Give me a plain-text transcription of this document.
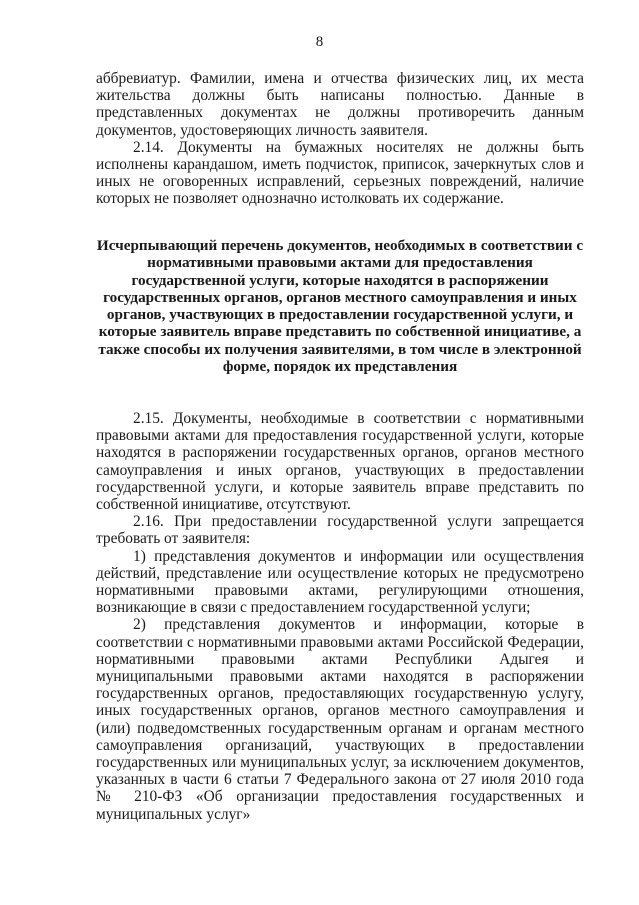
8

аббревиатур. Фамилии, имена и отчества физических лиц, их места жительства должны быть написаны полностью. Данные в представленных документах не должны противоречить данным документов, удостоверяющих личность заявителя.

2.14. Документы на бумажных носителях не должны быть исполнены карандашом, иметь подчисток, приписок, зачеркнутых слов и иных не оговоренных исправлений, серьезных повреждений, наличие которых не позволяет однозначно истолковать их содержание.

Исчерпывающий перечень документов, необходимых в соответствии с нормативными правовыми актами для предоставления государственной услуги, которые находятся в распоряжении государственных органов, органов местного самоуправления и иных органов, участвующих в предоставлении государственной услуги, и которые заявитель вправе представить по собственной инициативе, а также способы их получения заявителями, в том числе в электронной форме, порядок их представления

2.15. Документы, необходимые в соответствии с нормативными правовыми актами для предоставления государственной услуги, которые находятся в распоряжении государственных органов, органов местного самоуправления и иных органов, участвующих в предоставлении государственной услуги, и которые заявитель вправе представить по собственной инициативе, отсутствуют.

2.16. При предоставлении государственной услуги запрещается требовать от заявителя:

1) представления документов и информации или осуществления действий, представление или осуществление которых не предусмотрено нормативными правовыми актами, регулирующими отношения, возникающие в связи с предоставлением государственной услуги;

2) представления документов и информации, которые в соответствии с нормативными правовыми актами Российской Федерации, нормативными правовыми актами Республики Адыгея и муниципальными правовыми актами находятся в распоряжении государственных органов, предоставляющих государственную услугу, иных государственных органов, органов местного самоуправления и (или) подведомственных государственным органам и органам местного самоуправления организаций, участвующих в предоставлении государственных или муниципальных услуг, за исключением документов, указанных в части 6 статьи 7 Федерального закона от 27 июля 2010 года № 210-ФЗ «Об организации предоставления государственных и муниципальных услуг»
